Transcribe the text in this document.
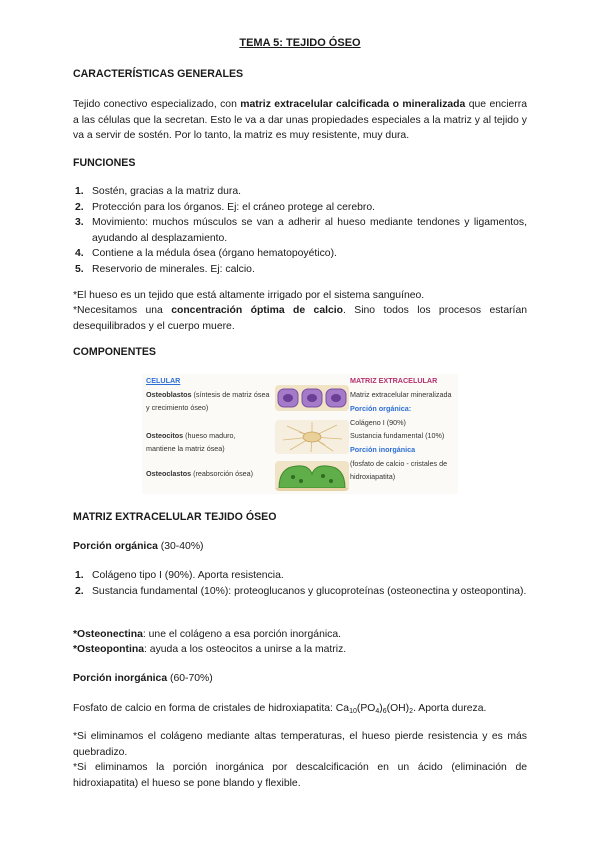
TEMA 5: TEJIDO ÓSEO
CARACTERÍSTICAS GENERALES
Tejido conectivo especializado, con matriz extracelular calcificada o mineralizada que encierra a las células que la secretan. Esto le va a dar unas propiedades especiales a la matriz y al tejido y va a servir de sostén. Por lo tanto, la matriz es muy resistente, muy dura.
FUNCIONES
1. Sostén, gracias a la matriz dura.
2. Protección para los órganos. Ej: el cráneo protege al cerebro.
3. Movimiento: muchos músculos se van a adherir al hueso mediante tendones y ligamentos, ayudando al desplazamiento.
4. Contiene a la médula ósea (órgano hematopoyético).
5. Reservorio de minerales. Ej: calcio.
*El hueso es un tejido que está altamente irrigado por el sistema sanguíneo.
*Necesitamos una concentración óptima de calcio. Sino todos los procesos estarían desequilibrados y el cuerpo muere.
COMPONENTES
CELULAR
Osteoblastos (síntesis de matriz ósea
y crecimiento óseo)
Osteocitos (hueso maduro,
mantiene la matriz ósea)
Osteoclastos (reabsorción ósea)
MATRIZ EXTRACELULAR
Matriz extracelular mineralizada
Porción orgánica:
Colágeno I (90%)
Sustancia fundamental (10%)
Porción inorgánica
(fosfato de calcio - cristales de
hidroxiapatita)
MATRIZ EXTRACELULAR TEJIDO ÓSEO
Porción orgánica (30-40%)
1. Colágeno tipo I (90%). Aporta resistencia.
2. Sustancia fundamental (10%): proteoglucanos y glucoproteínas (osteonectina y osteopontina).
*Osteonectina: une el colágeno a esa porción inorgánica.
*Osteopontina: ayuda a los osteocitos a unirse a la matriz.
Porción inorgánica (60-70%)
Fosfato de calcio en forma de cristales de hidroxiapatita: $Ca_{10}(PO_4)_6(OH)_2$. Aporta dureza.
*Si eliminamos el colágeno mediante altas temperaturas, el hueso pierde resistencia y es más quebradizo.
*Si eliminamos la porción inorgánica por descalcificación en un ácido (eliminación de hidroxiapatita) el hueso se pone blando y flexible.
